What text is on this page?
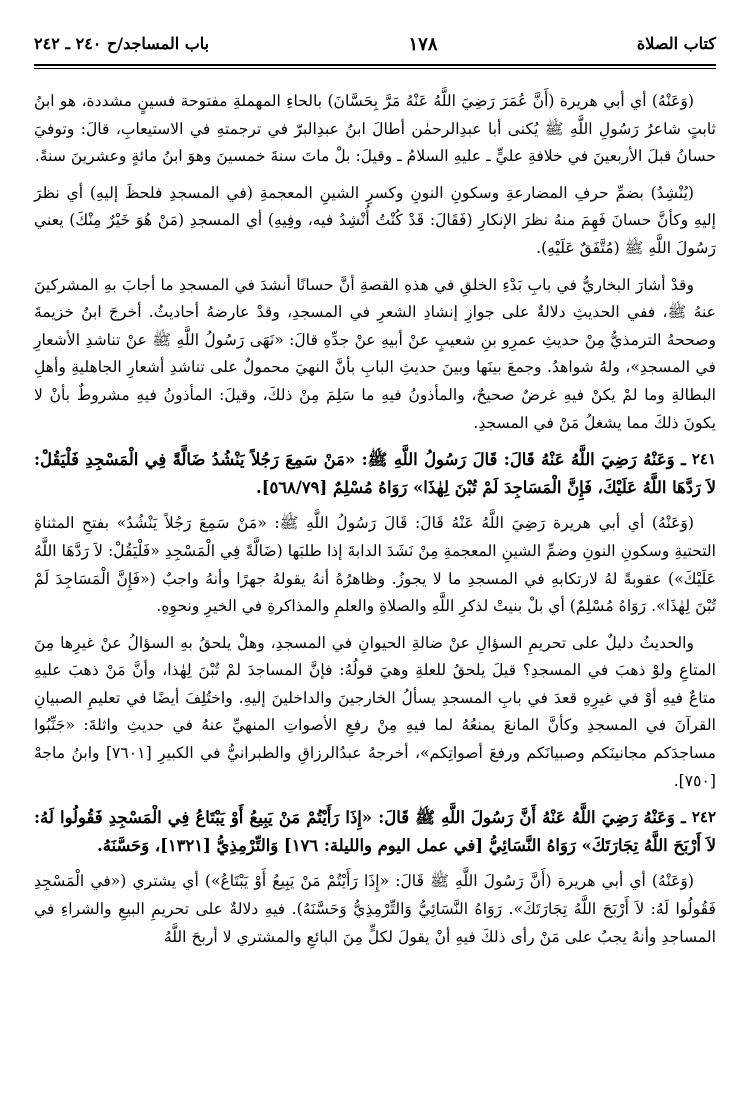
باب المساجد/ح ٢٤٠ ـ ٢٤٢	١٧٨	كتاب الصلاة

(وَعَنْهُ) أي أبي هريرة (أَنَّ عُمَرَ رَضِيَ اللَّهُ عَنْهُ مَرَّ بِحَسَّانَ) بالحاءِ المهملةِ مفتوحة فسينٍ مشددة، هو ابنُ ثابتٍ شاعرُ رَسُولِ اللَّهِ ﷺ يُكنى أبا عبدِالرحمٰن أطالَ ابنُ عبدِالبرّ في ترجمتهِ في الاستيعابِ، قالَ: وتوفيَ حسانُ قبلَ الأربعينَ في خلافةِ عليٍّ ـ عليهِ السلامُ ـ وقيلَ: بلْ ماتَ سنةَ خمسينَ وهوَ ابنُ مائةٍ وعشرينَ سنةً.

(يُنْشِدُ) بضمِّ حرفِ المضارعةِ وسكونِ النونِ وكسرِ الشينِ المعجمةِ (في المسجدِ فلحظَ إليهِ) أي نظرَ إليهِ وكأنَّ حسانَ فَهِمَ منهُ نظرَ الإنكارِ (فَقَالَ: قَدْ كُنْتُ أُنْشِدُ فيه، وفِيهِ) أي المسجدِ (مَنْ هُوَ خَيْرٌ مِنْكَ) يعني رَسُولَ اللَّهِ ﷺ (مُتَّفَقٌ عَلَيْهِ).

وقدْ أشارَ البخاريُّ في بابِ بَدْءِ الخلقِ في هذهِ القصةِ أنَّ حسانًا أنشدَ في المسجدِ ما أجابَ بهِ المشركينَ عنهُ ﷺ، ففي الحديثِ دلالةٌ على جوازِ إنشادِ الشعرِ في المسجدِ، وقدْ عارضهُ أحاديثُ. أخرجَ ابنُ خزيمةَ وصححهُ الترمذيُّ مِنْ حديثِ عمرِو بنِ شعيبٍ عنْ أبيهِ عنْ جدِّهِ قالَ: «نَهَى رَسُولُ اللَّهِ ﷺ عنْ تناشدِ الأشعارِ في المسجدِ»، ولهُ شواهدُ. وجمعَ بينَها وبينَ حديثِ البابِ بأنَّ النهيَ محمولٌ على تناشدِ أشعارِ الجاهليةِ وأهلِ البطالةِ وما لمْ يكنْ فيهِ غرضٌ صحيحٌ، والمأذونُ فيهِ ما سَلِمَ مِنْ ذلكَ، وقيلَ: المأذونُ فيهِ مشروطٌ بأنْ لا يكونَ ذلكَ مما يشغلُ مَنْ في المسجدِ.

٢٤١ـ وَعَنْهُ رَضِيَ اللَّهُ عَنْهُ قَالَ: قَالَ رَسُولُ اللَّهِ ﷺ: «مَنْ سَمِعَ رَجُلاً يَنْشُدُ ضَالَّةً فِي الْمَسْجِدِ فَلْيَقُلْ: لاَ رَدَّهَا اللَّهُ عَلَيْكَ، فَإِنَّ الْمَسَاجِدَ لَمْ تُبْنَ لِهٰذَا» رَوَاهُ مُسْلِمٌ [٥٦٨/٧٩].

(وَعَنْهُ) أي أبي هريرة رَضِيَ اللَّهُ عَنْهُ قَالَ: قَالَ رَسُولُ اللَّهِ ﷺ: «مَنْ سَمِعَ رَجُلاً يَنْشُدُ» بفتحِ المثناةِ التحتيةِ وسكونِ النونِ وضمِّ الشينِ المعجمةِ مِنْ نَشَدَ الدابةَ إذا طلبَها (ضَالَّةً فِي الْمَسْجِدِ «فَلْيَقُلْ: لاَ رَدَّهَا اللَّهُ عَلَيْكَ») عقوبةً لهُ لارتكابهِ في المسجدِ ما لا يجوزُ. وظاهرُهُ أنهُ يقولهُ جهرًا وأنهُ واجبٌ («فَإِنَّ الْمَسَاجِدَ لَمْ تُبْنَ لِهٰذَا». رَوَاهُ مُسْلِمٌ) أي بلْ بنيتْ لذكرِ اللَّهِ والصلاةِ والعلمِ والمذاكرةِ في الخيرِ ونحوِهِ.

والحديثُ دليلٌ على تحريمِ السؤالِ عنْ ضالةِ الحيوانِ في المسجدِ، وهلْ يلحقُ بهِ السؤالُ عنْ غيرِها مِنَ المتاعِ ولوْ ذهبَ في المسجدِ؟ قيلَ يلحقُ للعلةِ وهيَ قولُهُ: فإنَّ المساجدَ لمْ تُبْنَ لِهٰذا، وأنَّ مَنْ ذهبَ عليهِ متاعٌ فيهِ أوْ في غيرِهِ قعدَ في بابِ المسجدِ يسألُ الخارجينَ والداخلينَ إليهِ. واختُلِفَ أيضًا في تعليمِ الصبيانِ القرآنَ في المسجدِ وكأنَّ المانعَ يمنعُهُ لما فيهِ مِنْ رفعِ الأصواتِ المنهيِّ عنهُ في حديثِ واثلةَ: «جَنِّبُوا مساجدَكم مجانينَكم وصبيانَكم ورفعَ أصواتِكم»، أخرجهُ عبدُالرزاقِ والطبرانيُّ في الكبيرِ [٧٦٠١] وابنُ ماجهْ [٧٥٠].

٢٤٢ـ وَعَنْهُ رَضِيَ اللَّهُ عَنْهُ أَنَّ رَسُولَ اللَّهِ ﷺ قَالَ: «إِذَا رَأَيْتُمْ مَنْ يَبِيعُ أَوْ يَبْتَاعُ فِي الْمَسْجِدِ فَقُولُوا لَهُ: لاَ أَرْبَحَ اللَّهُ تِجَارَتَكَ» رَوَاهُ النَّسَائِيُّ [في عمل اليوم والليلة: ١٧٦] وَالتِّرْمِذِيُّ [١٣٢١]، وَحَسَّنَهُ.

(وَعَنْهُ) أي أبي هريرة (أَنَّ رَسُولَ اللَّهِ ﷺ قَالَ: «إِذَا رَأَيْتُمْ مَنْ يَبِيعُ أَوْ يَبْتَاعُ») أي يشتري («في الْمَسْجِدِ فَقُولُوا لَهُ: لاَ أَرْبَحَ اللَّهُ تِجَارَتَكَ». رَوَاهُ النَّسَائِيُّ وَالتِّرْمِذِيُّ وَحَسَّنَهُ). فيهِ دلالةٌ على تحريمِ البيعِ والشراءِ في المساجدِ وأنهُ يجبُ على مَنْ رأى ذلكَ فيهِ أنْ يقولَ لكلٍّ مِنَ البائعِ والمشتري لا أربحَ اللَّهُ
